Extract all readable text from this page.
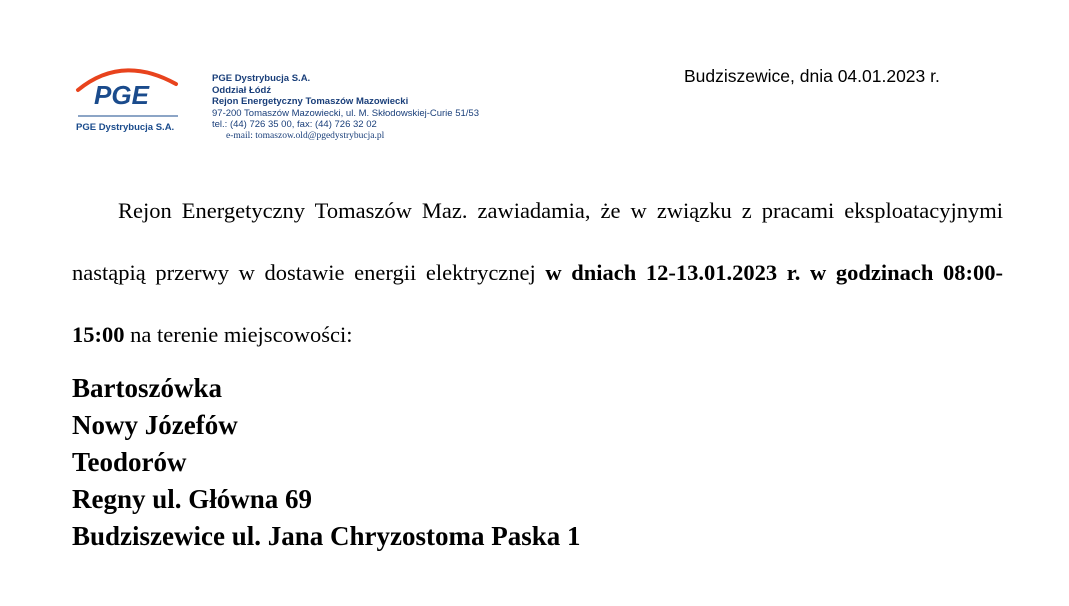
PGE
PGE Dystrybucja S.A.
PGE Dystrybucja S.A.
Oddział Łódź
Rejon Energetyczny Tomaszów Mazowiecki
97-200 Tomaszów Mazowiecki, ul. M. Skłodowskiej-Curie 51/53
tel.: (44) 726 35 00, fax: (44) 726 32 02
e-mail: tomaszow.old@pgedystrybucja.pl
Budziszewice, dnia 04.01.2023 r.

Rejon Energetyczny Tomaszów Maz. zawiadamia, że w związku z pracami eksploatacyjnymi nastąpią przerwy w dostawie energii elektrycznej w dniach 12-13.01.2023 r. w godzinach 08:00-15:00 na terenie miejscowości:

Bartoszówka
Nowy Józefów
Teodorów
Regny ul. Główna 69
Budziszewice ul. Jana Chryzostoma Paska 1
